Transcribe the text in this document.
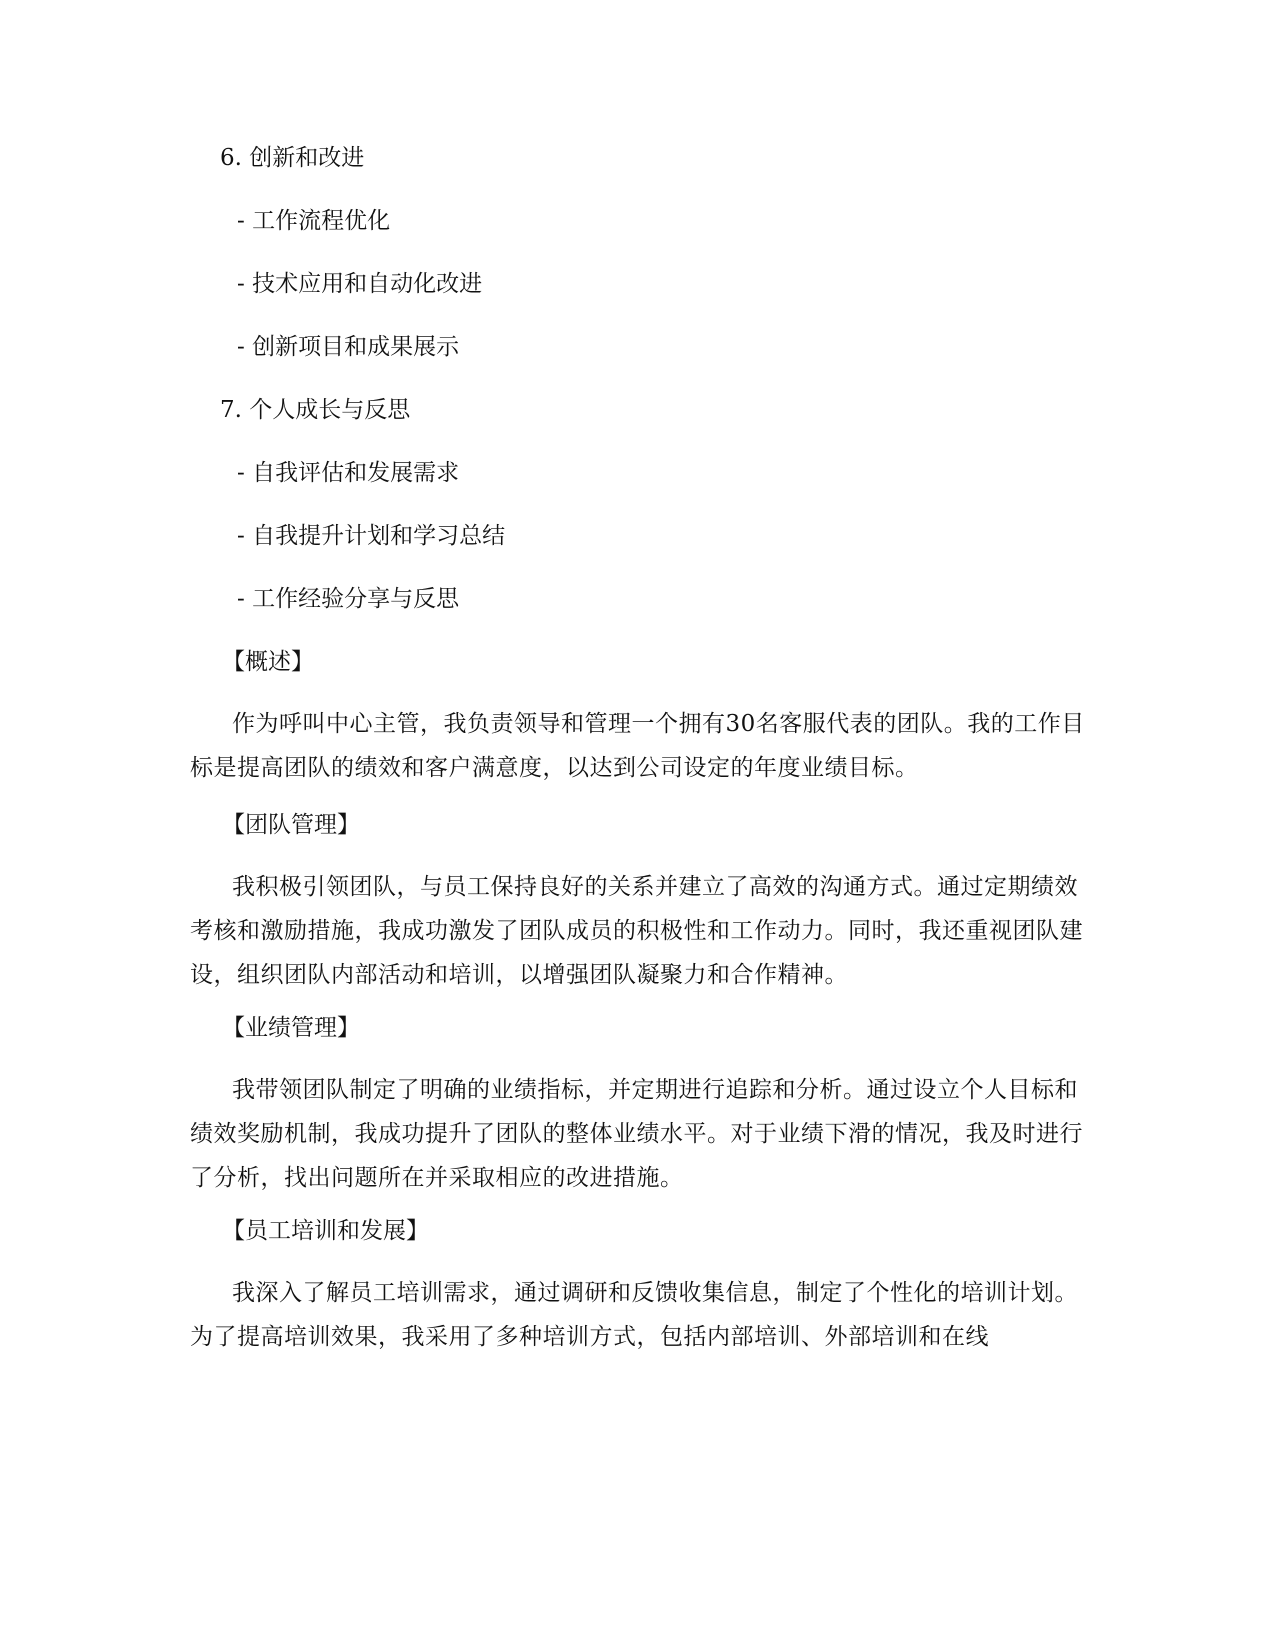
6. 创新和改进
- 工作流程优化
- 技术应用和自动化改进
- 创新项目和成果展示
7. 个人成长与反思
- 自我评估和发展需求
- 自我提升计划和学习总结
- 工作经验分享与反思
【概述】
作为呼叫中心主管，我负责领导和管理一个拥有30名客服代表的团队。我的工作目标是提高团队的绩效和客户满意度，以达到公司设定的年度业绩目标。
【团队管理】
我积极引领团队，与员工保持良好的关系并建立了高效的沟通方式。通过定期绩效考核和激励措施，我成功激发了团队成员的积极性和工作动力。同时，我还重视团队建设，组织团队内部活动和培训，以增强团队凝聚力和合作精神。
【业绩管理】
我带领团队制定了明确的业绩指标，并定期进行追踪和分析。通过设立个人目标和绩效奖励机制，我成功提升了团队的整体业绩水平。对于业绩下滑的情况，我及时进行了分析，找出问题所在并采取相应的改进措施。
【员工培训和发展】
我深入了解员工培训需求，通过调研和反馈收集信息，制定了个性化的培训计划。为了提高培训效果，我采用了多种培训方式，包括内部培训、外部培训和在线
